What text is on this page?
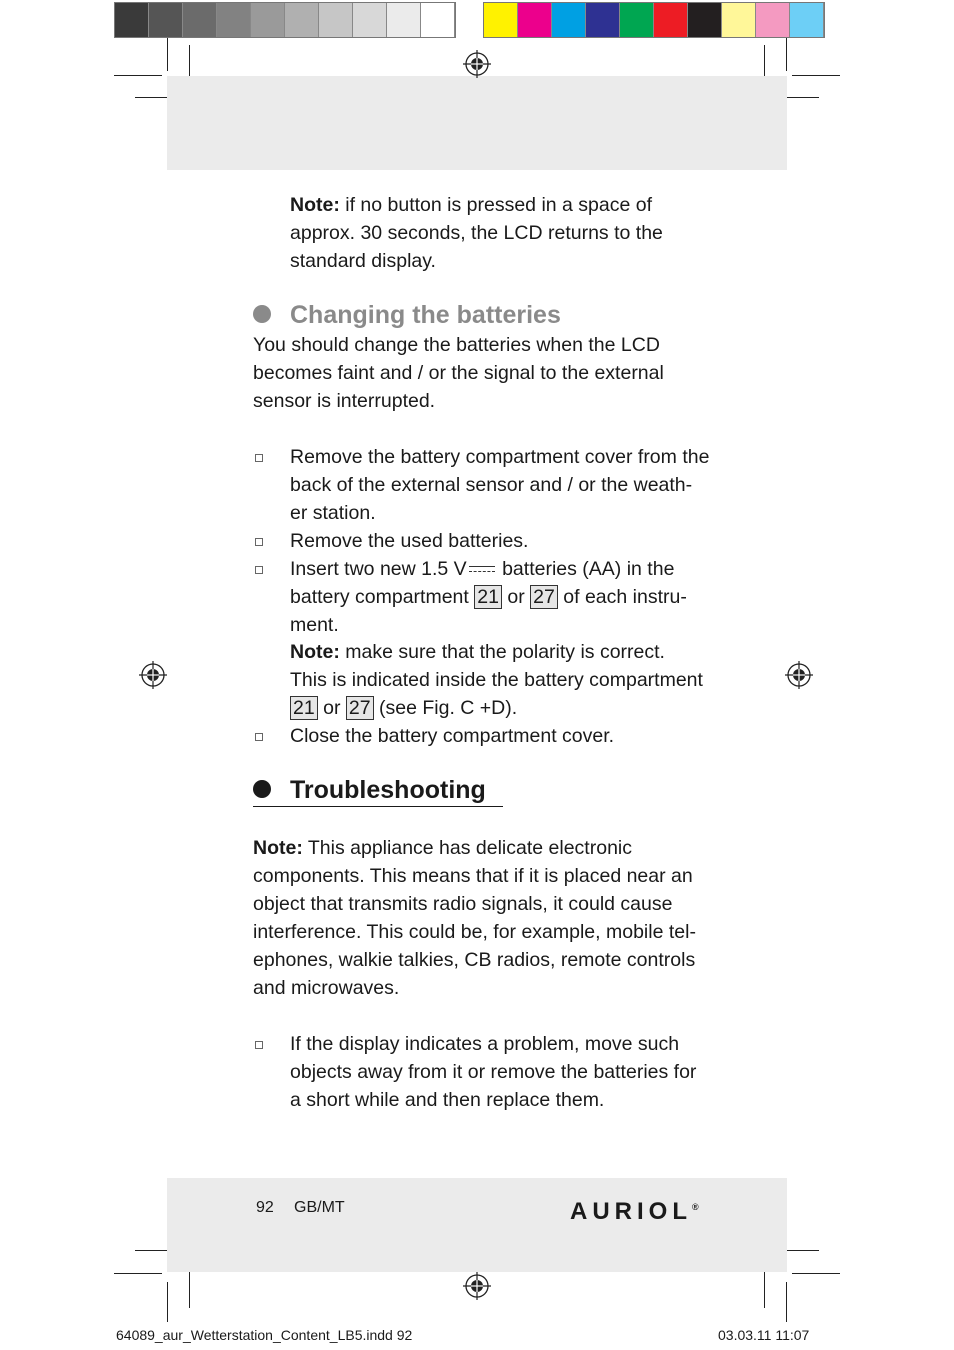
Note: if no button is pressed in a space of

approx. 30 seconds, the LCD returns to the

standard display.

Changing the batteries

You should change the batteries when the LCD

becomes faint and / or the signal to the external

sensor is interrupted.

Remove the battery compartment cover from the

back of the external sensor and / or the weath-

er station.

Remove the used batteries.

Insert two new 1.5 V batteries (AA) in the

battery compartment 21 or 27 of each instru-

ment.

Note: make sure that the polarity is correct.

This is indicated inside the battery compartment

21 or 27 (see Fig. C +D).

Close the battery compartment cover.

Troubleshooting

Note: This appliance has delicate electronic

components. This means that if it is placed near an

object that transmits radio signals, it could cause

interference. This could be, for example, mobile tel-

ephones, walkie talkies, CB radios, remote controls

and microwaves.

If the display indicates a problem, move such

objects away from it or remove the batteries for

a short while and then replace them.

92 GB/MT	AURIOL®

64089_aur_Wetterstation_Content_LB5.indd 92	03.03.11 11:07
